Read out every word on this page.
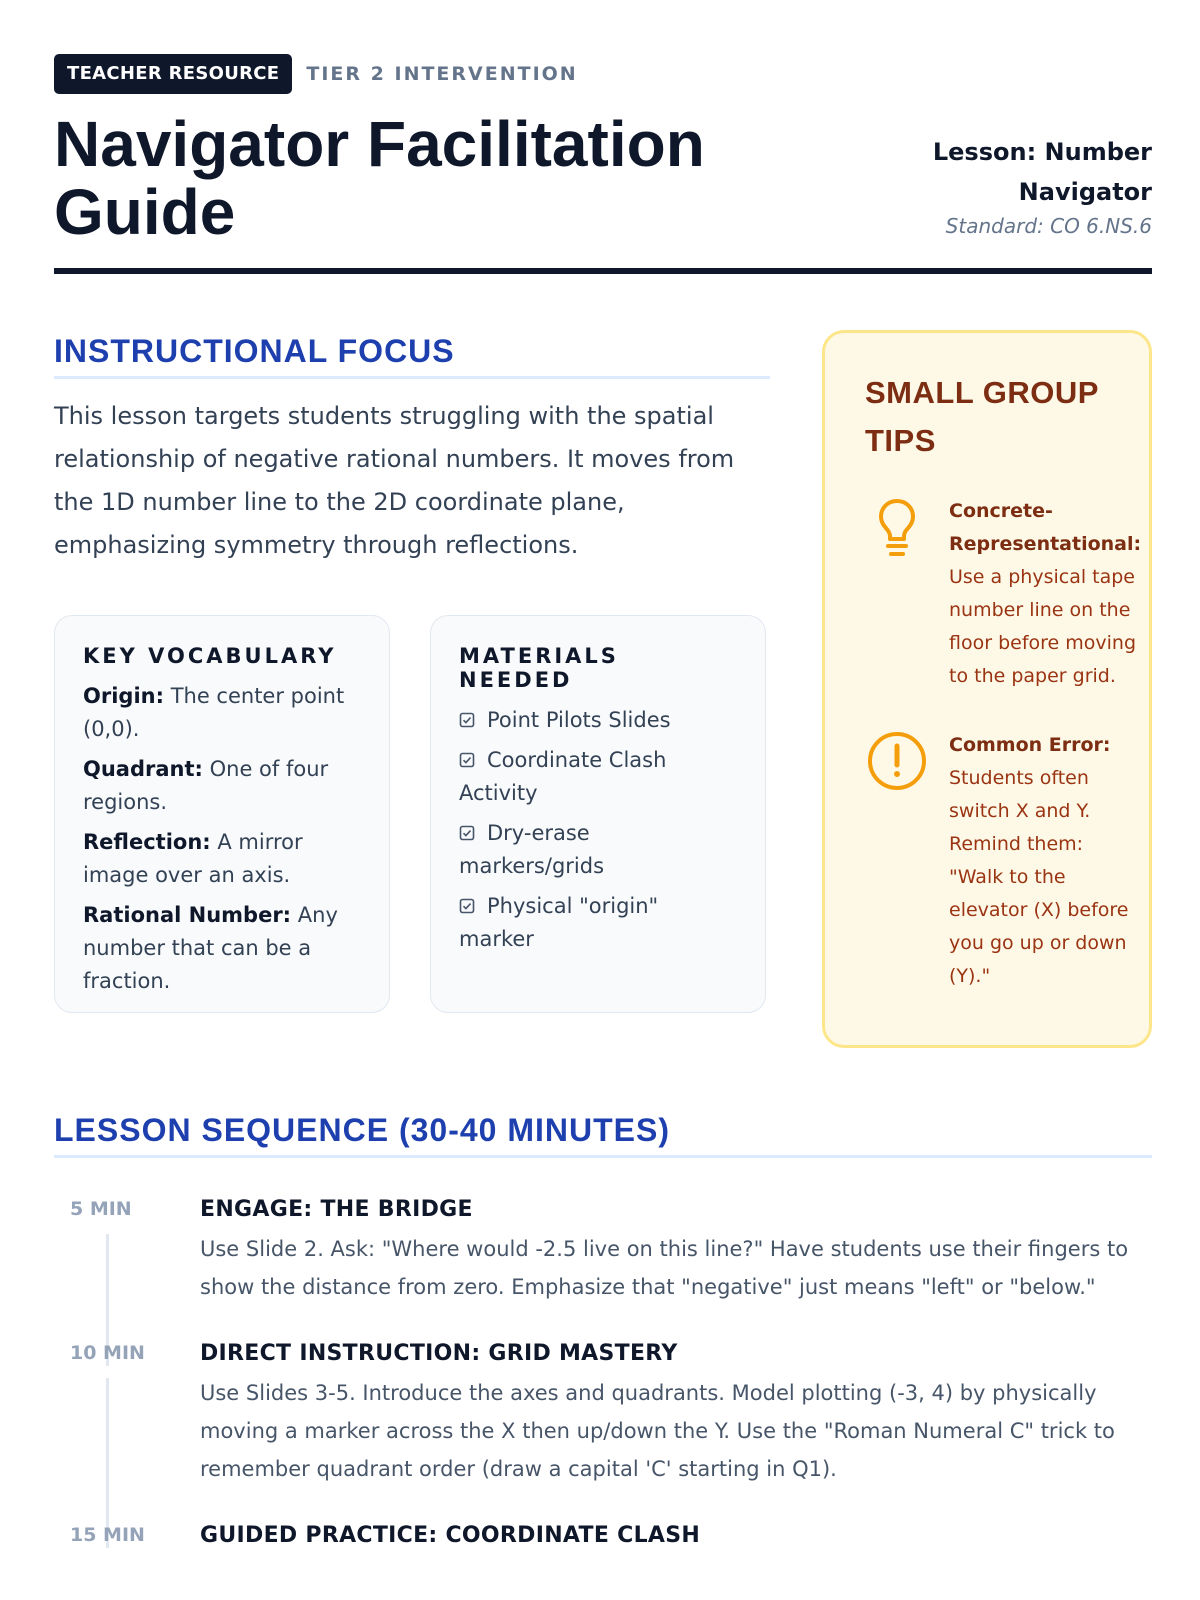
TEACHER RESOURCE	TIER 2 INTERVENTION
Navigator Facilitation Guide
Lesson: Number Navigator
Standard: CO 6.NS.6
INSTRUCTIONAL FOCUS

This lesson targets students struggling with the spatial relationship of negative rational numbers. It moves from the 1D number line to the 2D coordinate plane, emphasizing symmetry through reflections.

KEY VOCABULARY
Origin: The center point (0,0).
Quadrant: One of four regions.
Reflection: A mirror image over an axis.
Rational Number: Any number that can be a fraction.
MATERIALS NEEDED
Point Pilots Slides
Coordinate Clash Activity
Dry-erase markers/grids
Physical "origin" marker
SMALL GROUP TIPS
Concrete-Representational: Use a physical tape number line on the floor before moving to the paper grid.
Common Error: Students often switch X and Y. Remind them: "Walk to the elevator (X) before you go up or down (Y)."
LESSON SEQUENCE (30-40 MINUTES)
5 MIN	ENGAGE: THE BRIDGE
Use Slide 2. Ask: "Where would -2.5 live on this line?" Have students use their fingers to show the distance from zero. Emphasize that "negative" just means "left" or "below."
10 MIN	DIRECT INSTRUCTION: GRID MASTERY
Use Slides 3-5. Introduce the axes and quadrants. Model plotting (-3, 4) by physically moving a marker across the X then up/down the Y. Use the "Roman Numeral C" trick to remember quadrant order (draw a capital 'C' starting in Q1).
15 MIN	GUIDED PRACTICE: COORDINATE CLASH
